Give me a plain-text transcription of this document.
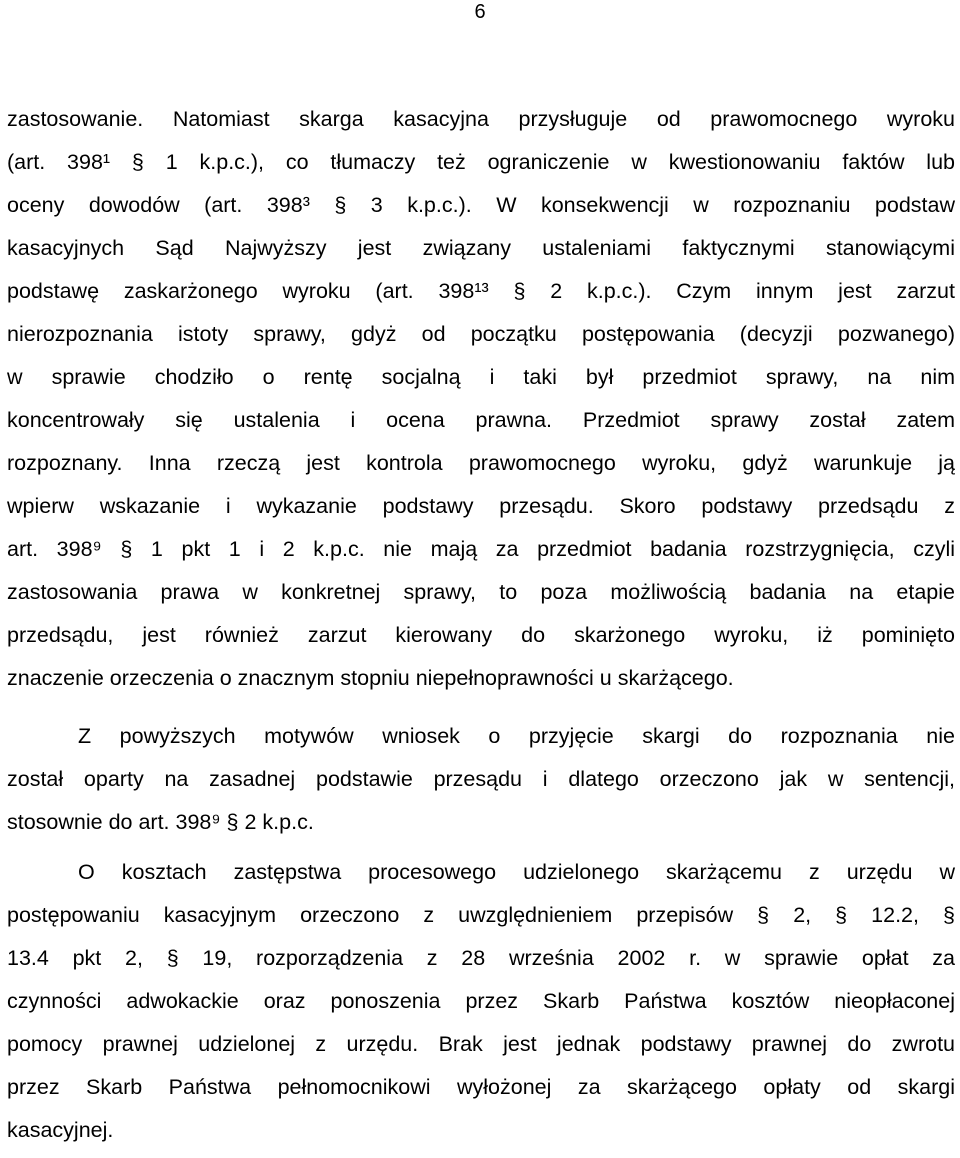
6
zastosowanie. Natomiast skarga kasacyjna przysługuje od prawomocnego wyroku
(art. 398¹ § 1 k.p.c.), co tłumaczy też ograniczenie w kwestionowaniu faktów lub
oceny dowodów (art. 398³ § 3 k.p.c.). W konsekwencji w rozpoznaniu podstaw
kasacyjnych Sąd Najwyższy jest związany ustaleniami faktycznymi stanowiącymi
podstawę zaskarżonego wyroku (art. 398¹³ § 2 k.p.c.). Czym innym jest zarzut
nierozpoznania istoty sprawy, gdyż od początku postępowania (decyzji pozwanego)
w sprawie chodziło o rentę socjalną i taki był przedmiot sprawy, na nim
koncentrowały się ustalenia i ocena prawna. Przedmiot sprawy został zatem
rozpoznany. Inna rzeczą jest kontrola prawomocnego wyroku, gdyż warunkuje ją
wpierw wskazanie i wykazanie podstawy przesądu. Skoro podstawy przedsądu z
art. 398⁹ § 1 pkt 1 i 2 k.p.c. nie mają za przedmiot badania rozstrzygnięcia, czyli
zastosowania prawa w konkretnej sprawy, to poza możliwością badania na etapie
przedsądu, jest również zarzut kierowany do skarżonego wyroku, iż pominięto
znaczenie orzeczenia o znacznym stopniu niepełnoprawności u skarżącego.
Z powyższych motywów wniosek o przyjęcie skargi do rozpoznania nie
został oparty na zasadnej podstawie przesądu i dlatego orzeczono jak w sentencji,
stosownie do art. 398⁹ § 2 k.p.c.
O kosztach zastępstwa procesowego udzielonego skarżącemu z urzędu w
postępowaniu kasacyjnym orzeczono z uwzględnieniem przepisów § 2, § 12.2, §
13.4 pkt 2, § 19, rozporządzenia z 28 września 2002 r. w sprawie opłat za
czynności adwokackie oraz ponoszenia przez Skarb Państwa kosztów nieopłaconej
pomocy prawnej udzielonej z urzędu. Brak jest jednak podstawy prawnej do zwrotu
przez Skarb Państwa pełnomocnikowi wyłożonej za skarżącego opłaty od skargi
kasacyjnej.
